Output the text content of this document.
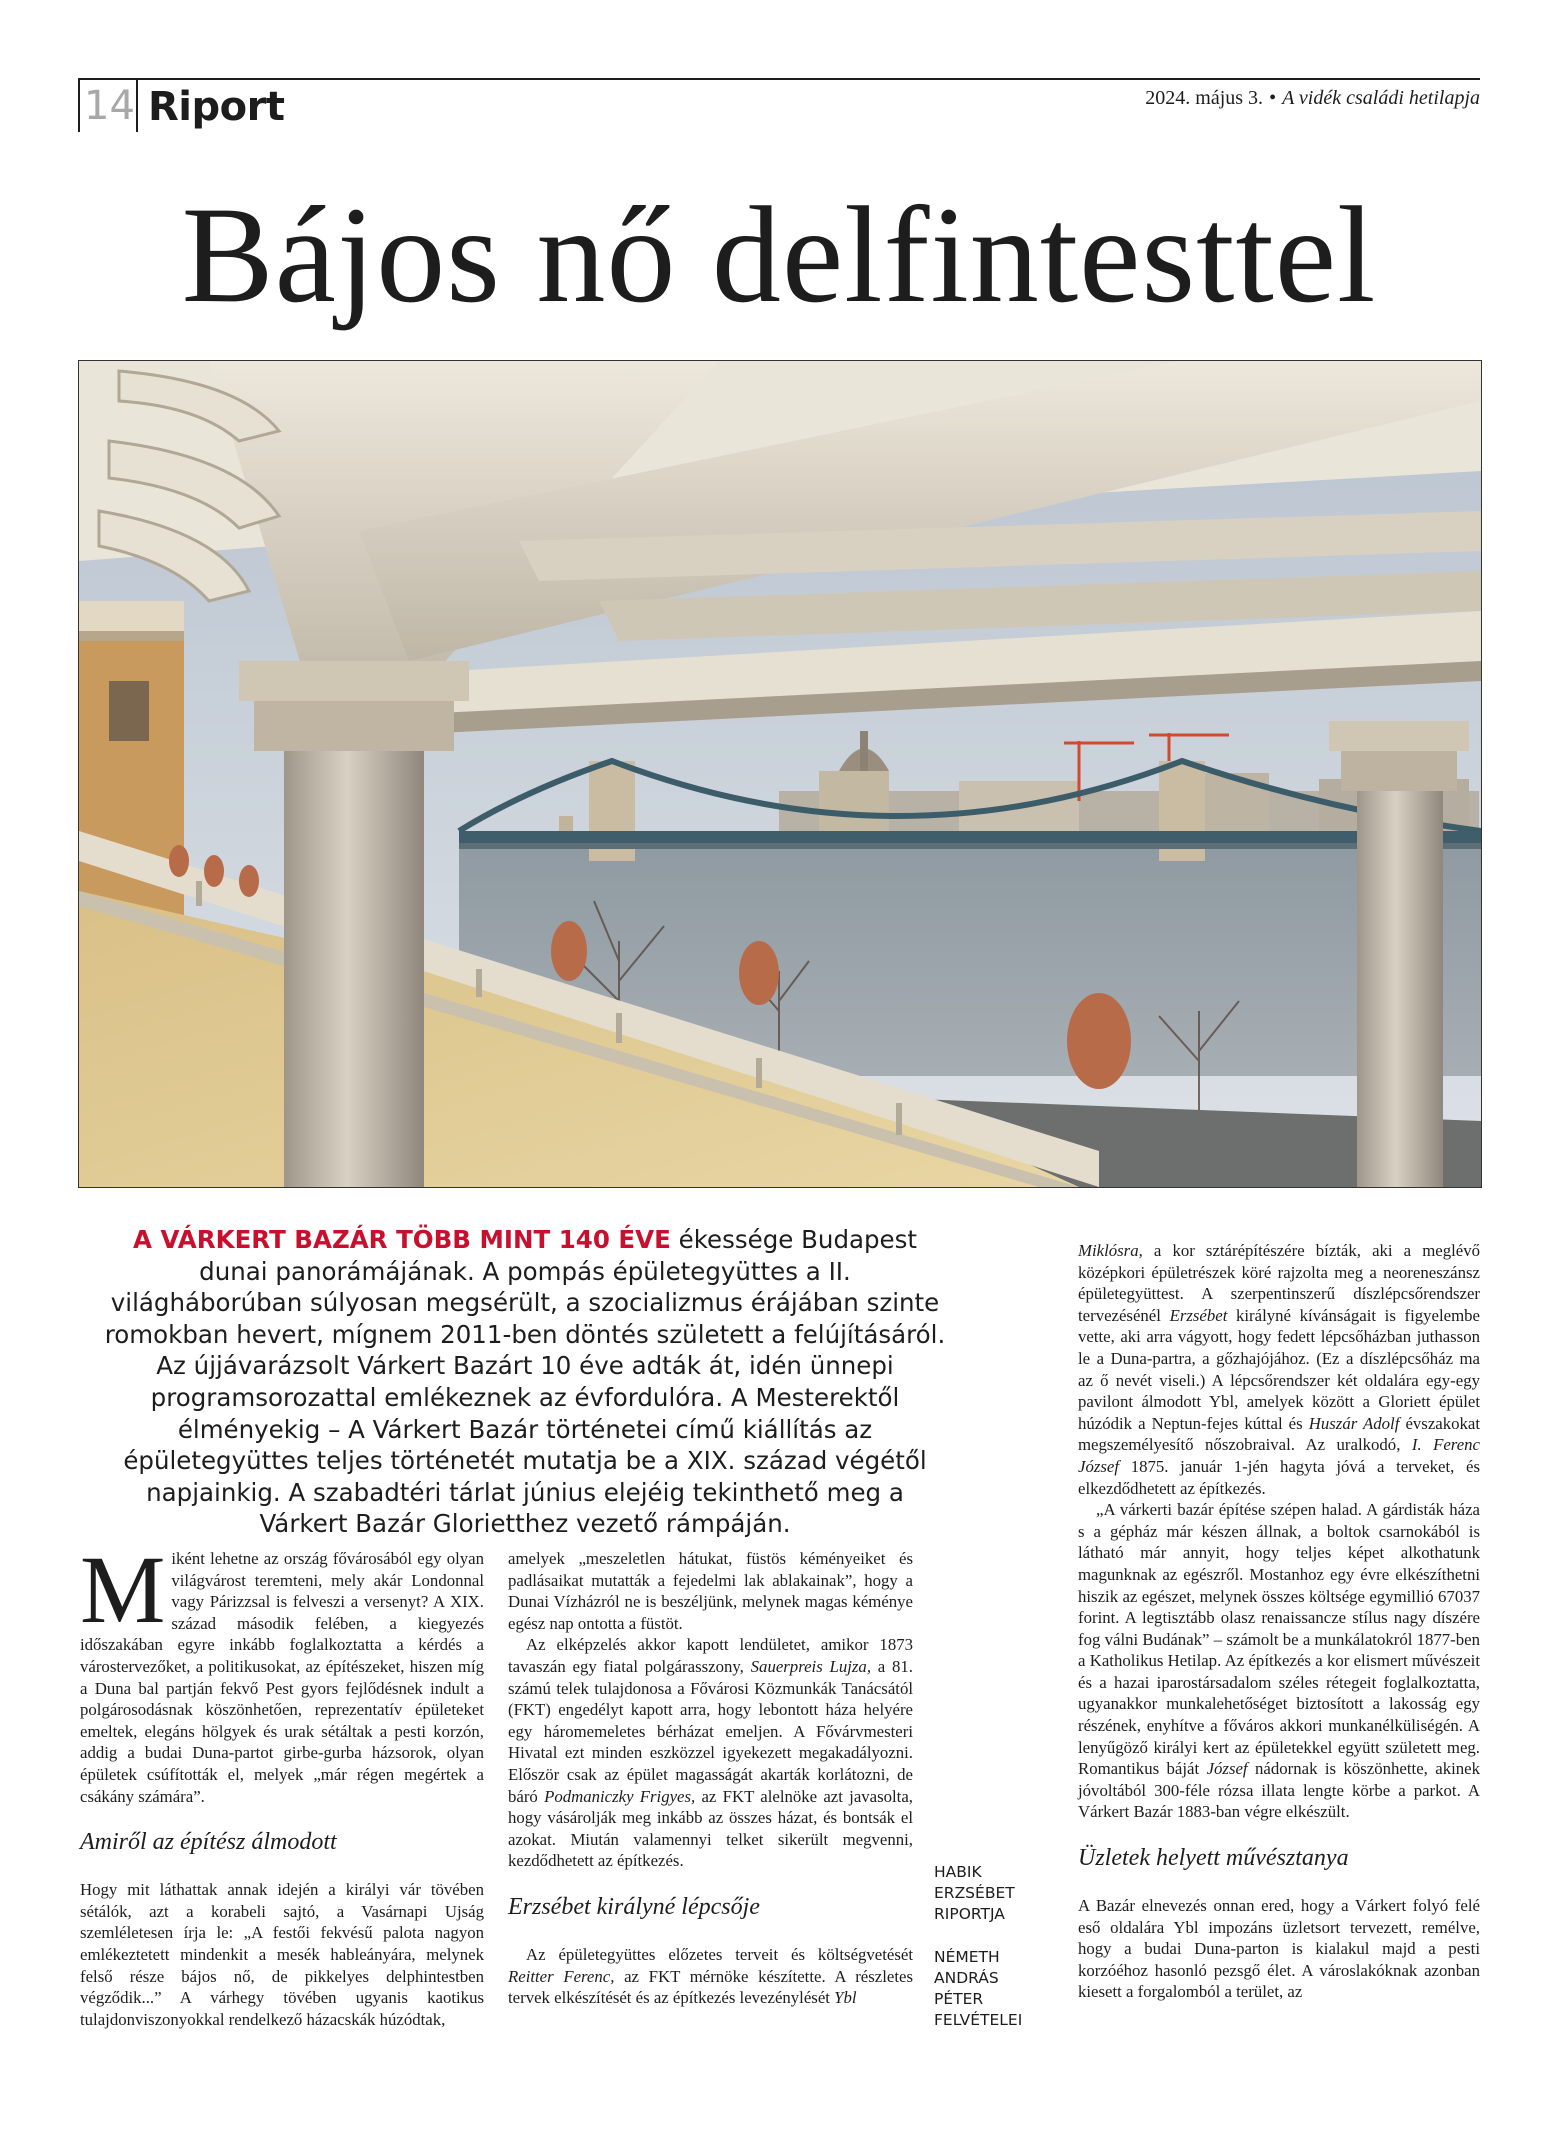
14 Riport	2024. május 3. • A vidék családi hetilapja
Bájos nő delfintesttel
A VÁRKERT BAZÁR TÖBB MINT 140 ÉVE ékessége Budapest dunai panorámájának. A pompás épületegyüttes a II. világháborúban súlyosan megsérült, a szocializmus érájában szinte romokban hevert, mígnem 2011-ben döntés született a felújításáról. Az újjávarázsolt Várkert Bazárt 10 éve adták át, idén ünnepi programsorozattal emlékeznek az évfordulóra. A Mesterektől élményekig – A Várkert Bazár történetei című kiállítás az épületegyüttes teljes történetét mutatja be a XIX. század végétől napjainkig. A szabadtéri tárlat június elejéig tekinthető meg a Várkert Bazár Glorietthez vezető rámpáján.

Miként lehetne az ország fővárosából egy olyan világvárost teremteni, mely akár Londonnal vagy Párizzsal is felveszi a versenyt? A XIX. század második felében, a kiegyezés időszakában egyre inkább foglalkoztatta a kérdés a várostervezőket, a politikusokat, az építészeket, hiszen míg a Duna bal partján fekvő Pest gyors fejlődésnek indult a polgárosodásnak köszönhetően, reprezentatív épületeket emeltek, elegáns hölgyek és urak sétáltak a pesti korzón, addig a budai Duna-partot girbe-gurba házsorok, olyan épületek csúfították el, melyek „már régen megértek a csákány számára”.

Amiről az építész álmodott

Hogy mit láthattak annak idején a királyi vár tövében sétálók, azt a korabeli sajtó, a Vasárnapi Ujság szemléletesen írja le: „A festői fekvésű palota nagyon emlékeztetett mindenkit a mesék hableányára, melynek felső része bájos nő, de pikkelyes delphintestben végződik...” A várhegy tövében ugyanis kaotikus tulajdonviszonyokkal rendelkező házacskák húzódtak,

amelyek „meszeletlen hátukat, füstös kéményeiket és padlásaikat mutatták a fejedelmi lak ablakainak”, hogy a Dunai Vízházról ne is beszéljünk, melynek magas kéménye egész nap ontotta a füstöt.

Az elképzelés akkor kapott lendületet, amikor 1873 tavaszán egy fiatal polgárasszony, Sauerpreis Lujza, a 81. számú telek tulajdonosa a Fővárosi Közmunkák Tanácsától (FKT) engedélyt kapott arra, hogy lebontott háza helyére egy háromemeletes bérházat emeljen. A Fővárvmesteri Hivatal ezt minden eszközzel igyekezett megakadályozni. Először csak az épület magasságát akarták korlátozni, de báró Podmaniczky Frigyes, az FKT alelnöke azt javasolta, hogy vásárolják meg inkább az összes házat, és bontsák el azokat. Miután valamennyi telket sikerült megvenni, kezdődhetett az építkezés.

Erzsébet királyné lépcsője

Az épületegyüttes előzetes terveit és költségvetését Reitter Ferenc, az FKT mérnöke készítette. A részletes tervek elkészítését és az építkezés levezénylését Ybl

HABIK
ERZSÉBET
RIPORTJA
NÉMETH
ANDRÁS
PÉTER
FELVÉTELEI

Miklósra, a kor sztárépítészére bízták, aki a meglévő középkori épületrészek köré rajzolta meg a neoreneszánsz épületegyüttest. A szerpentinszerű díszlépcsőrendszer tervezésénél Erzsébet királyné kívánságait is figyelembe vette, aki arra vágyott, hogy fedett lépcsőházban juthasson le a Duna-partra, a gőzhajójához. (Ez a díszlépcsőház ma az ő nevét viseli.) A lépcsőrendszer két oldalára egy-egy pavilont álmodott Ybl, amelyek között a Gloriett épület húzódik a Neptun-fejes kúttal és Huszár Adolf évszakokat megszemélyesítő nőszobraival. Az uralkodó, I. Ferenc József 1875. január 1-jén hagyta jóvá a terveket, és elkezdődhetett az építkezés.

„A várkerti bazár építése szépen halad. A gárdisták háza s a gépház már készen állnak, a boltok csarnokából is látható már annyit, hogy teljes képet alkothatunk magunknak az egészről. Mostanhoz egy évre elkészíthetni hiszik az egészet, melynek összes költsége egymillió 67037 forint. A legtisztább olasz renaissancze stílus nagy díszére fog válni Budának” – számolt be a munkálatokról 1877-ben a Katholikus Hetilap. Az építkezés a kor elismert művészeit és a hazai iparostársadalom széles rétegeit foglalkoztatta, ugyanakkor munkalehetőséget biztosított a lakosság egy részének, enyhítve a főváros akkori munkanélküliségén. A lenyűgöző királyi kert az épületekkel együtt született meg. Romantikus báját József nádornak is köszönhette, akinek jóvoltából 300-féle rózsa illata lengte körbe a parkot. A Várkert Bazár 1883-ban végre elkészült.

Üzletek helyett művésztanya

A Bazár elnevezés onnan ered, hogy a Várkert folyó felé eső oldalára Ybl impozáns üzletsort tervezett, remélve, hogy a budai Duna-parton is kialakul majd a pesti korzóéhoz hasonló pezsgő élet. A városlakóknak azonban kiesett a forgalomból a terület, az
